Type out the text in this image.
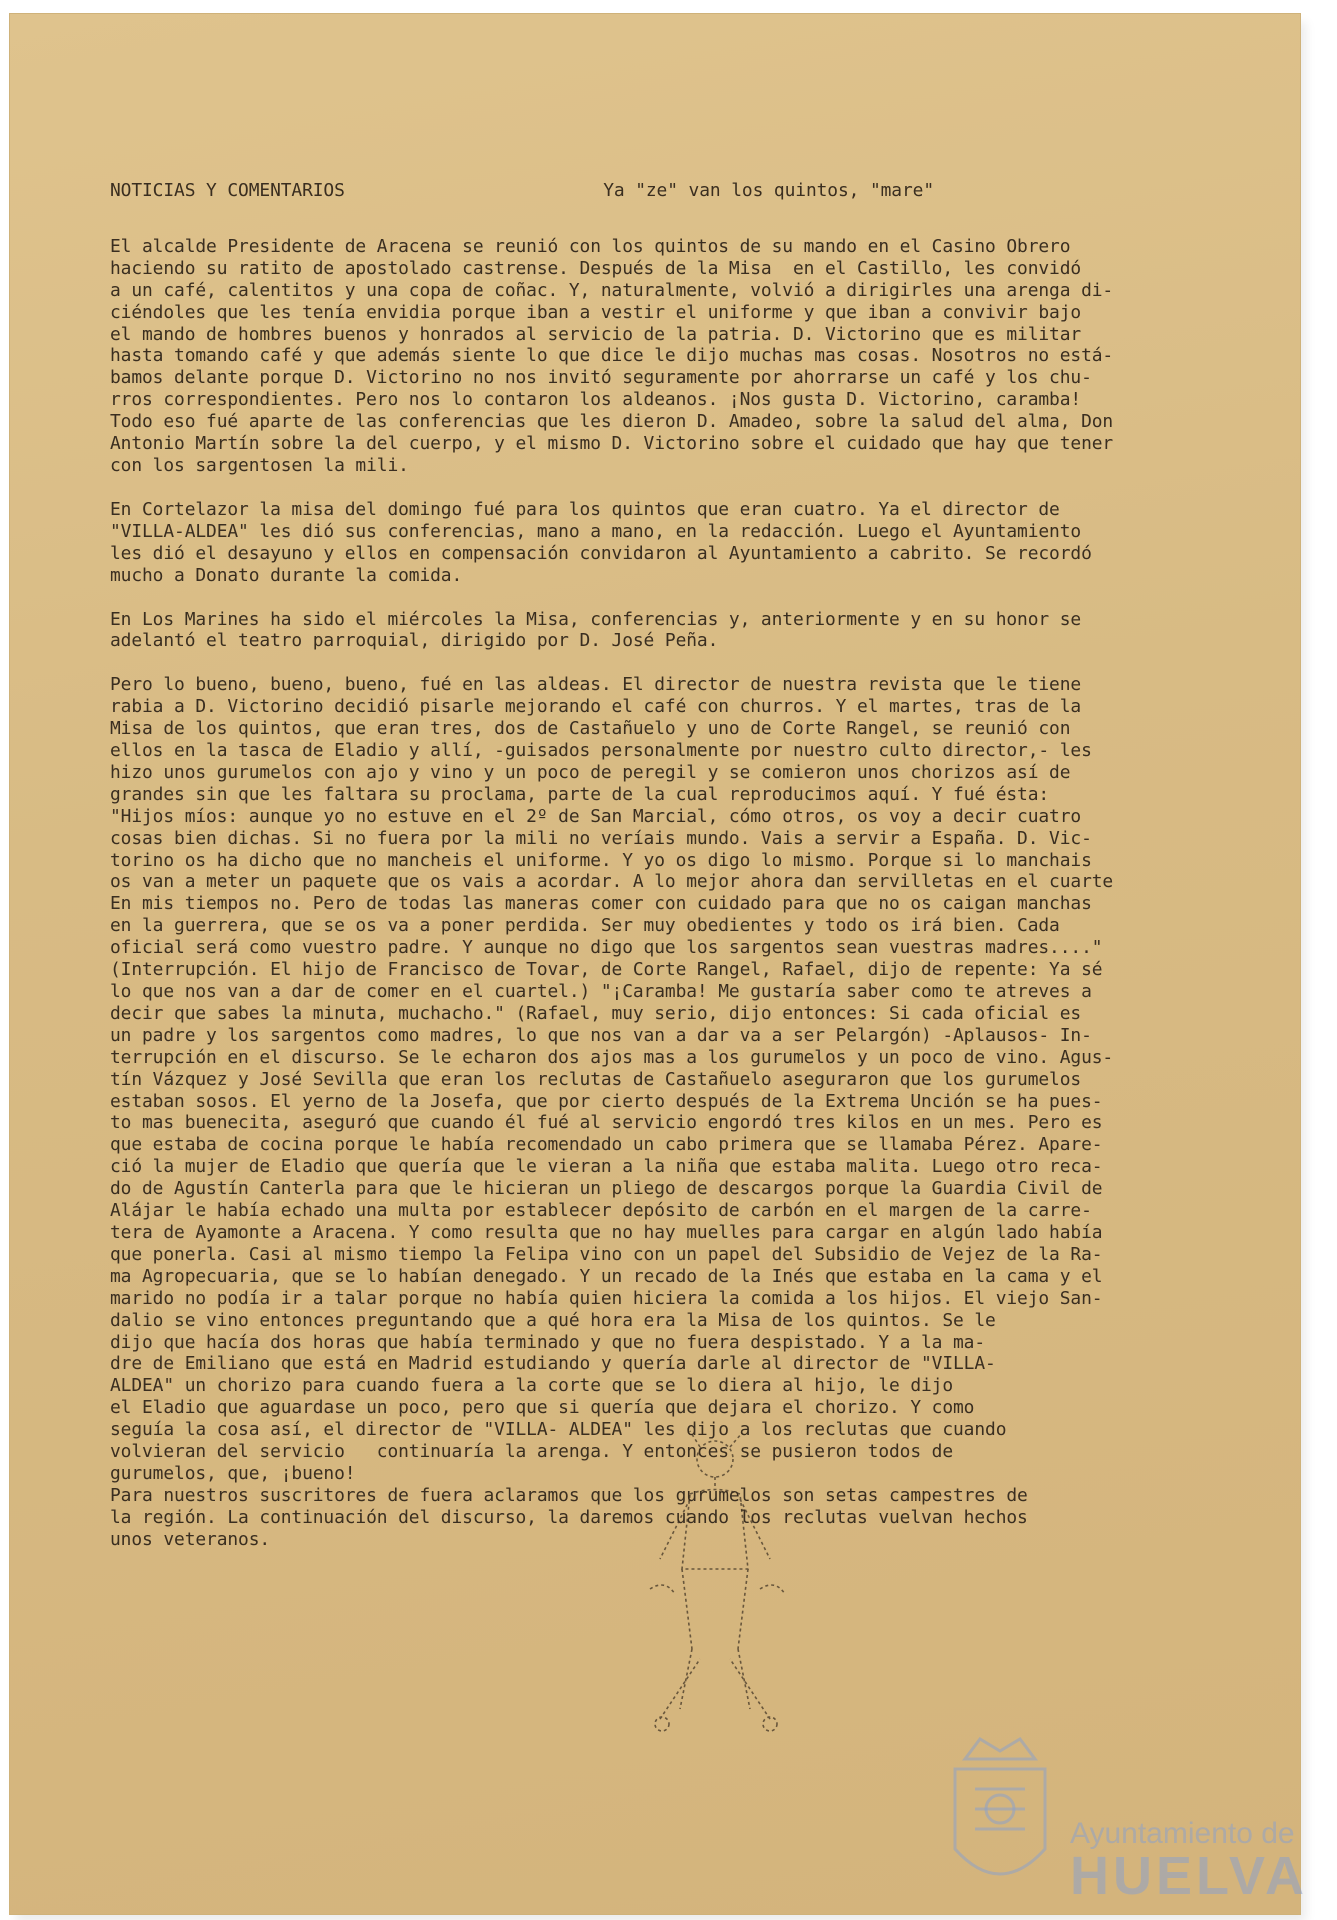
NOTICIAS Y COMENTARIOS	Ya "ze" van los quintos, "mare"

El alcalde Presidente de Aracena se reunió con los quintos de su mando en el Casino Obrero
haciendo su ratito de apostolado castrense. Después de la Misa  en el Castillo, les convidó
a un café, calentitos y una copa de coñac. Y, naturalmente, volvió a dirigirles una arenga di-
ciéndoles que les tenía envidia porque iban a vestir el uniforme y que iban a convivir bajo
el mando de hombres buenos y honrados al servicio de la patria. D. Victorino que es militar
hasta tomando café y que además siente lo que dice le dijo muchas mas cosas. Nosotros no está-
bamos delante porque D. Victorino no nos invitó seguramente por ahorrarse un café y los chu-
rros correspondientes. Pero nos lo contaron los aldeanos. ¡Nos gusta D. Victorino, caramba!
Todo eso fué aparte de las conferencias que les dieron D. Amadeo, sobre la salud del alma, Don
Antonio Martín sobre la del cuerpo, y el mismo D. Victorino sobre el cuidado que hay que tener
con los sargentosen la mili.

En Cortelazor la misa del domingo fué para los quintos que eran cuatro. Ya el director de
"VILLA-ALDEA" les dió sus conferencias, mano a mano, en la redacción. Luego el Ayuntamiento
les dió el desayuno y ellos en compensación convidaron al Ayuntamiento a cabrito. Se recordó
mucho a Donato durante la comida.

En Los Marines ha sido el miércoles la Misa, conferencias y, anteriormente y en su honor se
adelantó el teatro parroquial, dirigido por D. José Peña.

Pero lo bueno, bueno, bueno, fué en las aldeas. El director de nuestra revista que le tiene
rabia a D. Victorino decidió pisarle mejorando el café con churros. Y el martes, tras de la
Misa de los quintos, que eran tres, dos de Castañuelo y uno de Corte Rangel, se reunió con
ellos en la tasca de Eladio y allí, -guisados personalmente por nuestro culto director,- les
hizo unos gurumelos con ajo y vino y un poco de peregil y se comieron unos chorizos así de
grandes sin que les faltara su proclama, parte de la cual reproducimos aquí. Y fué ésta:
"Hijos míos: aunque yo no estuve en el 2º de San Marcial, cómo otros, os voy a decir cuatro
cosas bien dichas. Si no fuera por la mili no veríais mundo. Vais a servir a España. D. Vic-
torino os ha dicho que no mancheis el uniforme. Y yo os digo lo mismo. Porque si lo manchais
os van a meter un paquete que os vais a acordar. A lo mejor ahora dan servilletas en el cuarte
En mis tiempos no. Pero de todas las maneras comer con cuidado para que no os caigan manchas
en la guerrera, que se os va a poner perdida. Ser muy obedientes y todo os irá bien. Cada
oficial será como vuestro padre. Y aunque no digo que los sargentos sean vuestras madres...."
(Interrupción. El hijo de Francisco de Tovar, de Corte Rangel, Rafael, dijo de repente: Ya sé
lo que nos van a dar de comer en el cuartel.) "¡Caramba! Me gustaría saber como te atreves a
decir que sabes la minuta, muchacho." (Rafael, muy serio, dijo entonces: Si cada oficial es
un padre y los sargentos como madres, lo que nos van a dar va a ser Pelargón) -Aplausos- In-
terrupción en el discurso. Se le echaron dos ajos mas a los gurumelos y un poco de vino. Agus-
tín Vázquez y José Sevilla que eran los reclutas de Castañuelo aseguraron que los gurumelos
estaban sosos. El yerno de la Josefa, que por cierto después de la Extrema Unción se ha pues-
to mas buenecita, aseguró que cuando él fué al servicio engordó tres kilos en un mes. Pero es
que estaba de cocina porque le había recomendado un cabo primera que se llamaba Pérez. Apare-
ció la mujer de Eladio que quería que le vieran a la niña que estaba malita. Luego otro reca-
do de Agustín Canterla para que le hicieran un pliego de descargos porque la Guardia Civil de
Alájar le había echado una multa por establecer depósito de carbón en el margen de la carre-
tera de Ayamonte a Aracena. Y como resulta que no hay muelles para cargar en algún lado había
que ponerla. Casi al mismo tiempo la Felipa vino con un papel del Subsidio de Vejez de la Ra-
ma Agropecuaria, que se lo habían denegado. Y un recado de la Inés que estaba en la cama y el
marido no podía ir a talar porque no había quien hiciera la comida a los hijos. El viejo San-
dalio se vino entonces preguntando que a qué hora era la Misa de los quintos. Se le
dijo que hacía dos horas que había terminado y que no fuera despistado. Y a la ma-
dre de Emiliano que está en Madrid estudiando y quería darle al director de "VILLA-
ALDEA" un chorizo para cuando fuera a la corte que se lo diera al hijo, le dijo
el Eladio que aguardase un poco, pero que si quería que dejara el chorizo. Y como
seguía la cosa así, el director de "VILLA- ALDEA" les dijo a los reclutas que cuando
volvieran del servicio   continuaría la arenga. Y entonces se pusieron todos de
gurumelos, que, ¡bueno!
Para nuestros suscritores de fuera aclaramos que los gurumelos son setas campestres de
la región. La continuación del discurso, la daremos cuando los reclutas vuelvan hechos
unos veteranos.

Ayuntamiento de
HUELVA
